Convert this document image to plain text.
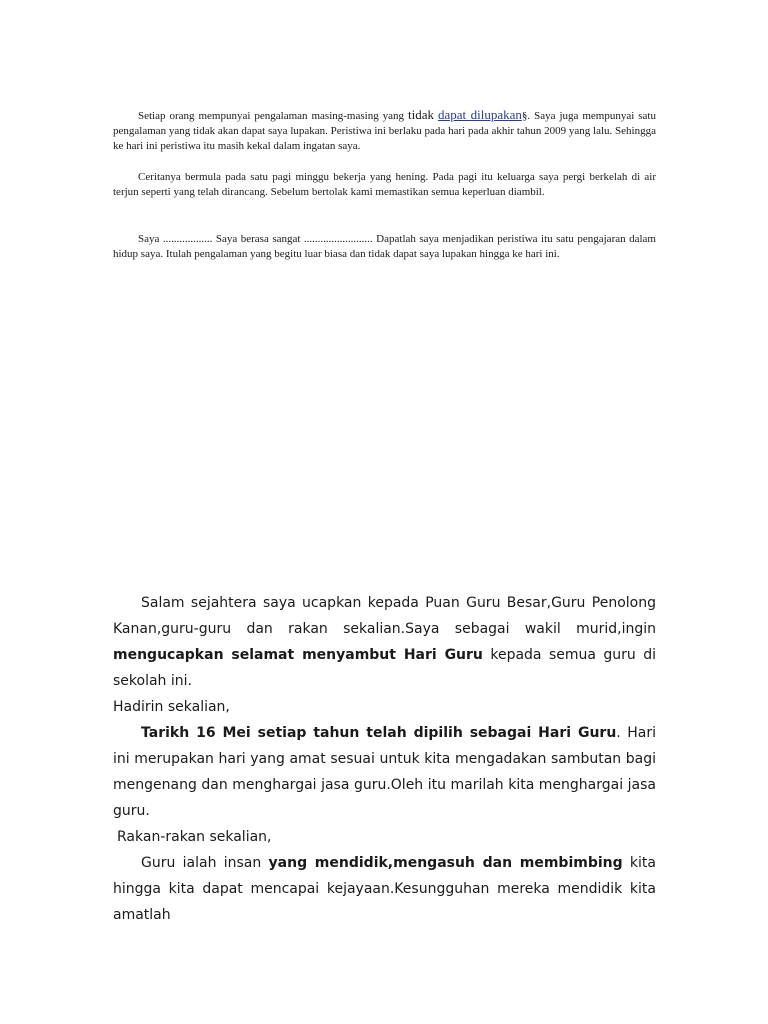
Setiap orang mempunyai pengalaman masing-masing yang tidak dapat dilupakan§. Saya juga mempunyai satu pengalaman yang tidak akan dapat saya lupakan. Peristiwa ini berlaku pada hari pada akhir tahun 2009 yang lalu. Sehingga ke hari ini peristiwa itu masih kekal dalam ingatan saya.

Ceritanya bermula pada satu pagi minggu bekerja yang hening. Pada pagi itu keluarga saya pergi berkelah di air terjun seperti yang telah dirancang. Sebelum bertolak kami memastikan semua keperluan diambil.

Saya .................. Saya berasa sangat ......................... Dapatlah saya menjadikan peristiwa itu satu pengajaran dalam hidup saya. Itulah pengalaman yang begitu luar biasa dan tidak dapat saya lupakan hingga ke hari ini.

Salam sejahtera saya ucapkan kepada Puan Guru Besar,Guru Penolong Kanan,guru-guru dan rakan sekalian.Saya sebagai wakil murid,ingin mengucapkan selamat menyambut Hari Guru kepada semua guru di sekolah ini.

Hadirin sekalian,

Tarikh 16 Mei setiap tahun telah dipilih sebagai Hari Guru. Hari ini merupakan hari yang amat sesuai untuk kita mengadakan sambutan bagi mengenang dan menghargai jasa guru.Oleh itu marilah kita menghargai jasa guru.

Rakan-rakan sekalian,

Guru ialah insan yang mendidik,mengasuh dan membimbing kita hingga kita dapat mencapai kejayaan.Kesungguhan mereka mendidik kita amatlah
